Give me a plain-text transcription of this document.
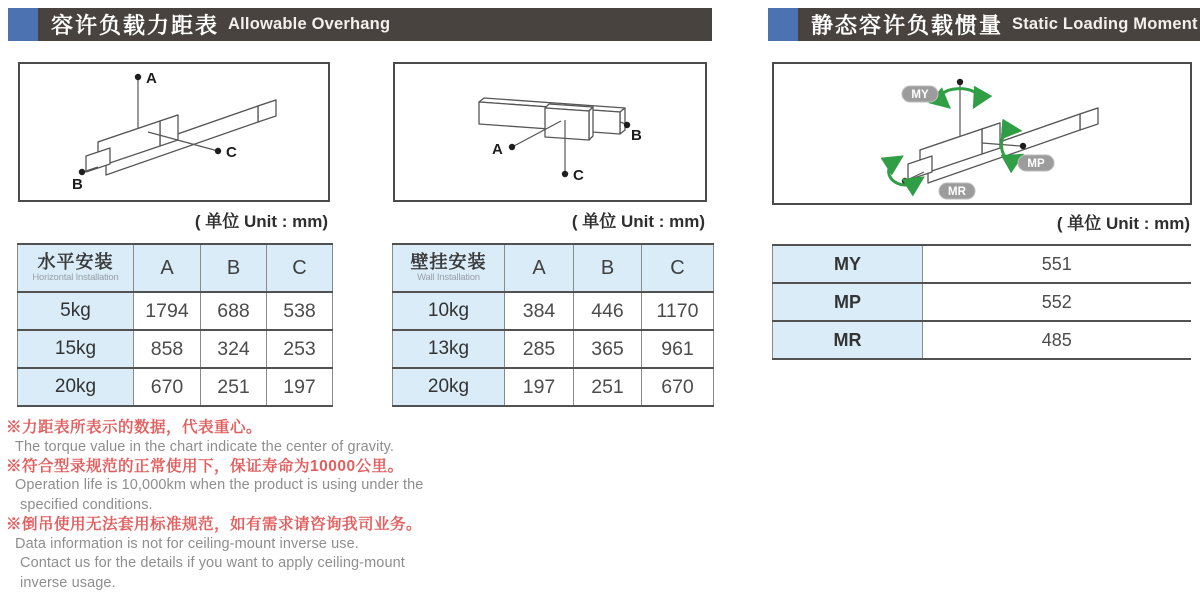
容许负载力距表 Allowable Overhang	静态容许负载惯量 Static Loading Moment
A
B
C
( 单位 Unit : mm)
B
A
C
( 单位 Unit : mm)
MY
MP
MR
( 单位 Unit : mm)
水平安装
Horizontal Installation	A	B	C
5kg	1794	688	538
15kg	858	324	253
20kg	670	251	197
壁挂安装
Wall Installation	A	B	C
10kg	384	446	1170
13kg	285	365	961
20kg	197	251	670
MY	551
MP	552
MR	485
※力距表所表示的数据，代表重心。
The torque value in the chart indicate the center of gravity.
※符合型录规范的正常使用下，保证寿命为10000公里。
Operation life is 10,000km when the product is using under the
specified conditions.
※倒吊使用无法套用标准规范，如有需求请咨询我司业务。
Data information is not for ceiling-mount inverse use.
Contact us for the details if you want to apply ceiling-mount
inverse usage.
